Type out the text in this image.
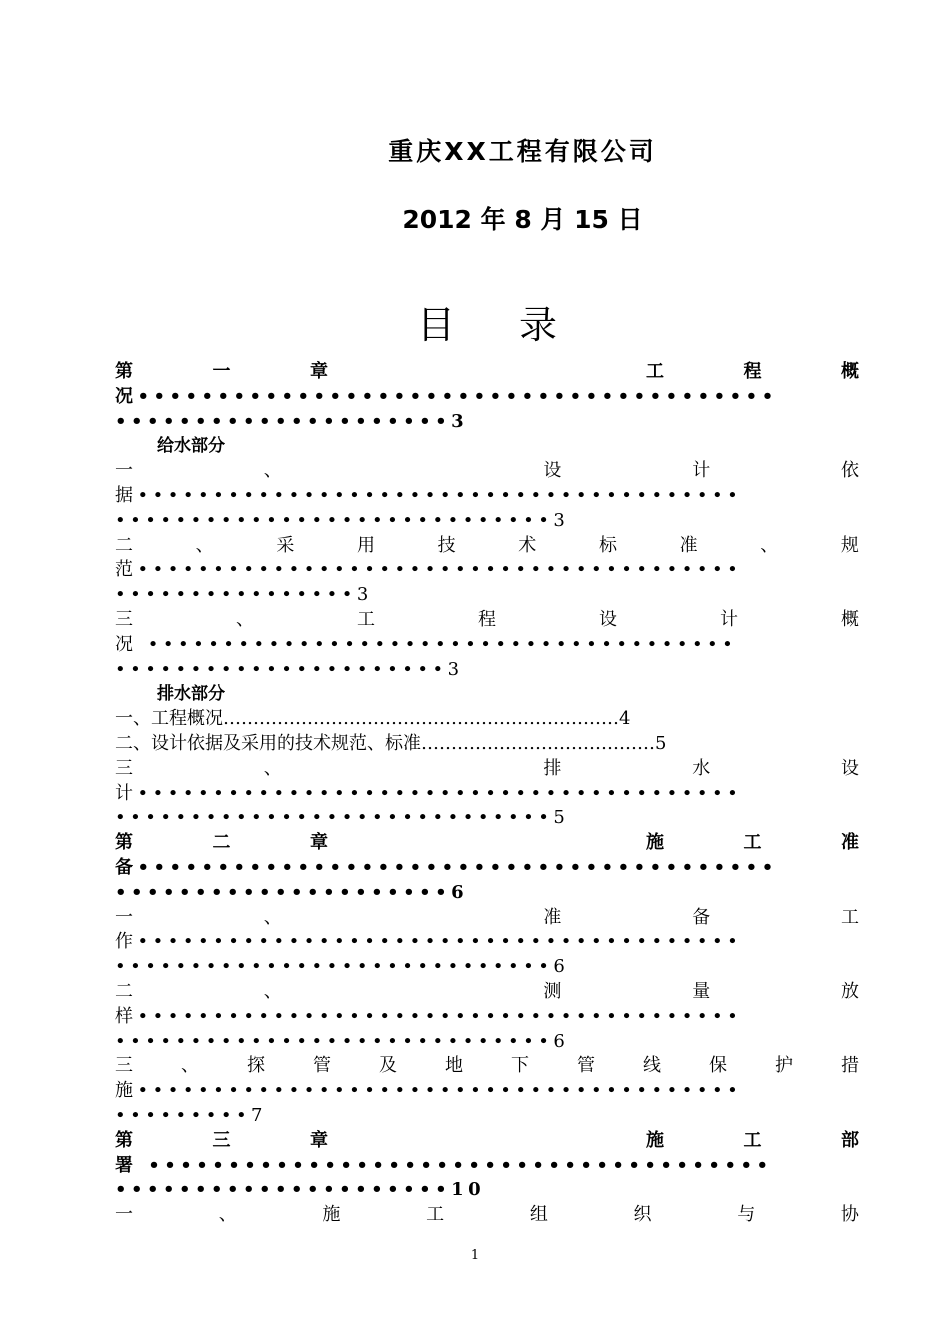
重庆XX工程有限公司
2012 年 8 月 15 日
目 录
第	一	章	工	程	概
况••••••••••••••••••••••••••••••••••••••••
•••••••••••••••••••••3
给水部分
一	、	设	计	依
据••••••••••••••••••••••••••••••••••••••••
•••••••••••••••••••••••••••••3
二	、	采	用	技	术	标	准	、	规
范••••••••••••••••••••••••••••••••••••••••
••••••••••••••••3
三	、	工	程	设	计	概
况 •••••••••••••••••••••••••••••••••••••••
••••••••••••••••••••••3
排水部分
一、工程概况…………………………………………………………4
二、设计依据及采用的技术规范、标准…………………………………5
三	、	排	水	设
计••••••••••••••••••••••••••••••••••••••••
•••••••••••••••••••••••••••••5
第	二	章	施	工	准
备••••••••••••••••••••••••••••••••••••••••
•••••••••••••••••••••6
一	、	准	备	工
作••••••••••••••••••••••••••••••••••••••••
•••••••••••••••••••••••••••••6
二	、	测	量	放
样••••••••••••••••••••••••••••••••••••••••
•••••••••••••••••••••••••••••6
三	、	探	管	及	地	下	管	线	保	护	措
施••••••••••••••••••••••••••••••••••••••••
•••••••••7
第	三	章	施	工	部
署 •••••••••••••••••••••••••••••••••••••••
•••••••••••••••••••••10
一	、	施	工	组	织	与	协
1
